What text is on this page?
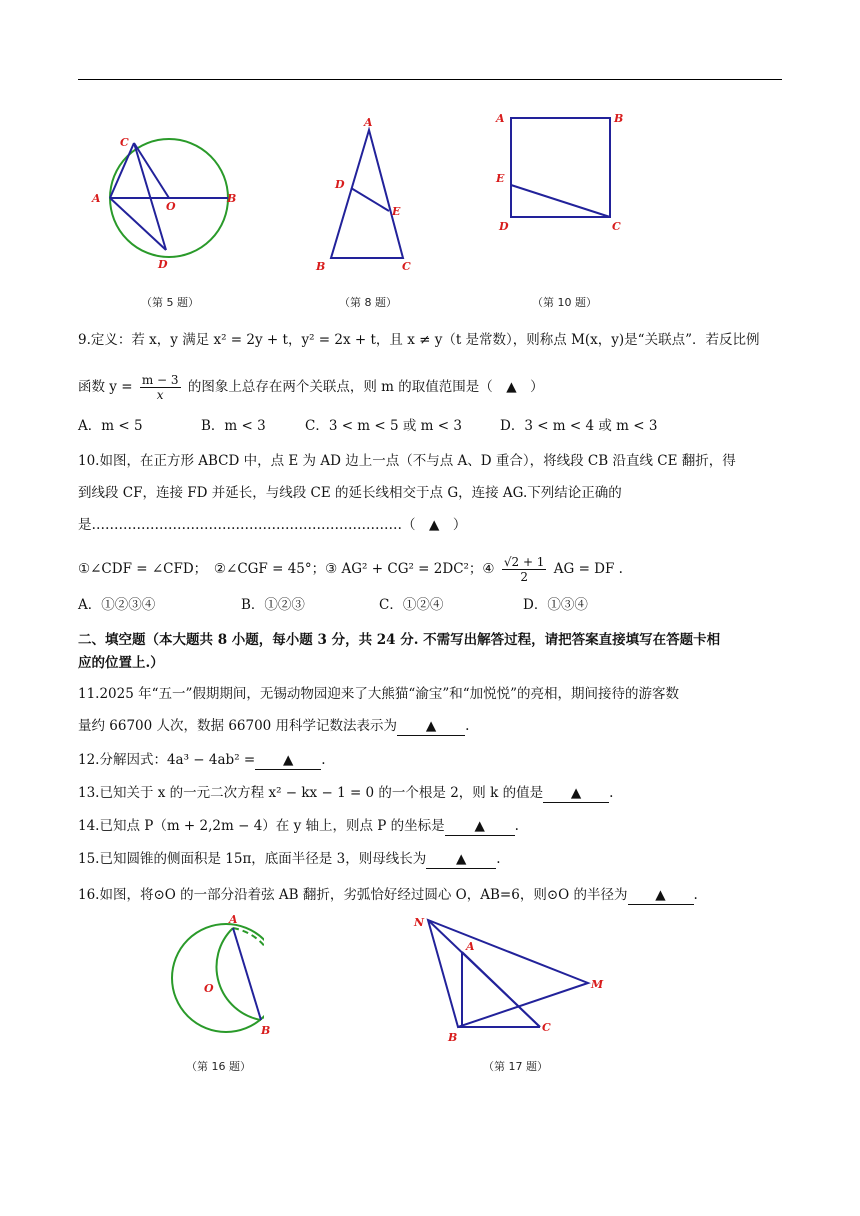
C
A
O
B
D
（第 5 题）
A
D
E
B	C
（第 8 题）
A	B
E
D	C
（第 10 题）
9.定义：若 x，y 满足 x² = 2y + t，y² = 2x + t，且 x ≠ y（t 是常数），则称点 M(x，y)是“关联点”．若反比例
函数 $y = \frac{m - 3}{x}$ 的图象上总存在两个关联点，则 m 的取值范围是（　▲　）
A．m < 5	B．m < 3	C．3 < m < 5 或 m < 3	D．3 < m < 4 或 m < 3
10.如图，在正方形 ABCD 中，点 E 为 AD 边上一点（不与点 A、D 重合），将线段 CB 沿直线 CE 翻折，得
到线段 CF，连接 FD 并延长，与线段 CE 的延长线相交于点 G，连接 AG.下列结论正确的
是……………………………………………………………（　▲　）
①∠CDF = ∠CFD；　②∠CGF = 45°；③ AG² + CG² = 2DC²；④ $\frac{√2 + 1}{2}$ AG = DF .
A．①②③④	B．①②③	C．①②④	D．①③④
二、填空题（本大题共 8 小题，每小题 3 分，共 24 分. 不需写出解答过程，请把答案直接填写在答题卡相
应的位置上.）
11.2025 年“五一”假期期间，无锡动物园迎来了大熊猫“渝宝”和“加悦悦”的亮相，期间接待的游客数
量约 66700 人次，数据 66700 用科学记数法表示为 ▲ .
12.分解因式：4a³ − 4ab² = ▲ .
13.已知关于 x 的一元二次方程 x² − kx − 1 = 0 的一个根是 2，则 k 的值是 ▲ .
14.已知点 P（m + 2,2m − 4）在 y 轴上，则点 P 的坐标是 ▲ .
15.已知圆锥的侧面积是 15π，底面半径是 3，则母线长为 ▲ .
16.如图，将⊙O 的一部分沿着弦 AB 翻折，劣弧恰好经过圆心 O，AB=6，则⊙O 的半径为 ▲ .
A
O
B
（第 16 题）
N
A
M
B
C
（第 17 题）
